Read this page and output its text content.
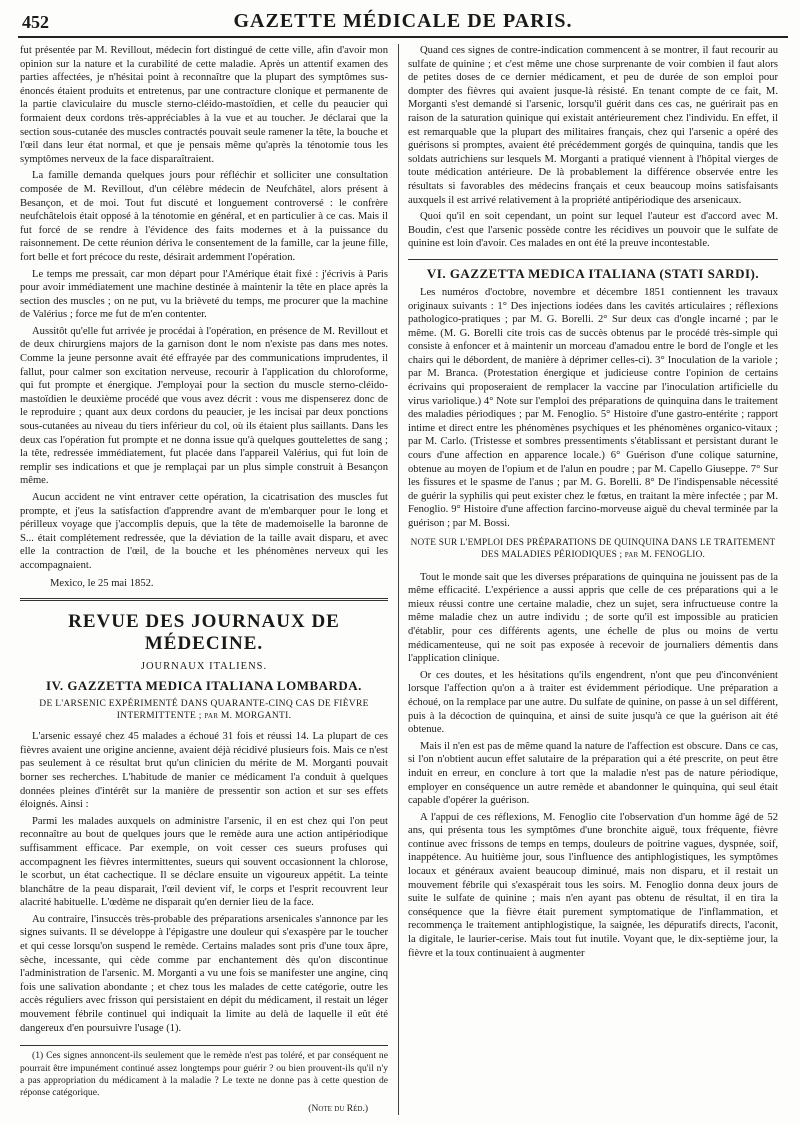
452	GAZETTE MÉDICALE DE PARIS.

fut présentée par M. Revillout, médecin fort distingué de cette ville, afin d'avoir mon opinion sur la nature et la curabilité de cette maladie. Après un attentif examen des parties affectées, je n'hésitai point à reconnaître que la plupart des symptômes sus-énoncés étaient produits et entretenus, par une contracture clonique et permanente de la partie claviculaire du muscle sterno-cléido-mastoïdien, et celle du peaucier qui formaient deux cordons très-appréciables à la vue et au toucher. Je déclarai que la section sous-cutanée des muscles contractés pouvait seule ramener la tête, la bouche et l'œil dans leur état normal, et que je pensais même qu'après la ténotomie tous les symptômes nerveux de la face disparaîtraient.

La famille demanda quelques jours pour réfléchir et solliciter une consultation composée de M. Revillout, d'un célèbre médecin de Neufchâtel, alors présent à Besançon, et de moi. Tout fut discuté et longuement controversé : le confrère neufchâtelois était opposé à la ténotomie en général, et en particulier à ce cas. Mais il fut forcé de se rendre à l'évidence des faits modernes et à la puissance du raisonnement. De cette réunion dériva le consentement de la famille, car la jeune fille, fort belle et fort précoce du reste, désirait ardemment l'opération.

Le temps me pressait, car mon départ pour l'Amérique était fixé : j'écrivis à Paris pour avoir immédiatement une machine destinée à maintenir la tête en place après la section des muscles ; on ne put, vu la brièveté du temps, me procurer que la machine de Valérius ; force me fut de m'en contenter.

Aussitôt qu'elle fut arrivée je procédai à l'opération, en présence de M. Revillout et de deux chirurgiens majors de la garnison dont le nom n'existe pas dans mes notes. Comme la jeune personne avait été effrayée par des communications imprudentes, il fallut, pour calmer son excitation nerveuse, recourir à l'application du chloroforme, qui fut prompte et énergique. J'employai pour la section du muscle sterno-cléido-mastoïdien le deuxième procédé que vous avez décrit : vous me dispenserez donc de le reproduire ; quant aux deux cordons du peaucier, je les incisai par deux ponctions sous-cutanées au niveau du tiers inférieur du col, où ils étaient plus saillants. Dans les deux cas l'opération fut prompte et ne donna issue qu'à quelques gouttelettes de sang ; la tête, redressée immédiatement, fut placée dans l'appareil Valérius, qui fut loin de remplir ses indications et que je remplaçai par un plus simple construit à Besançon même.

Aucun accident ne vint entraver cette opération, la cicatrisation des muscles fut prompte, et j'eus la satisfaction d'apprendre avant de m'embarquer pour le long et périlleux voyage que j'accomplis depuis, que la tête de mademoiselle la baronne de S... était complétement redressée, que la déviation de la taille avait disparu, et avec elle la contraction de l'œil, de la bouche et les phénomènes nerveux qui les accompagnaient.

Mexico, le 25 mai 1852.

REVUE DES JOURNAUX DE MÉDECINE.
JOURNAUX ITALIENS.
IV. GAZZETTA MEDICA ITALIANA LOMBARDA.
DE L'ARSENIC EXPÉRIMENTÉ DANS QUARANTE-CINQ CAS DE FIÈVRE INTERMITTENTE ; par M. MORGANTI.

L'arsenic essayé chez 45 malades a échoué 31 fois et réussi 14. La plupart de ces fièvres avaient une origine ancienne, avaient déjà récidivé plusieurs fois. Mais ce n'est pas seulement à ce résultat brut qu'un clinicien du mérite de M. Morganti pouvait borner ses recherches. L'habitude de manier ce médicament l'a conduit à quelques données pleines d'intérêt sur la manière de pressentir son action et sur ses effets éloignés. Ainsi :

Parmi les malades auxquels on administre l'arsenic, il en est chez qui l'on peut reconnaître au bout de quelques jours que le remède aura une action antipériodique suffisamment efficace. Par exemple, on voit cesser ces sueurs profuses qui accompagnent les fièvres intermittentes, sueurs qui souvent occasionnent la chlorose, le scorbut, un état cachectique. Il se déclare ensuite un vigoureux appétit. La teinte blanchâtre de la peau disparait, l'œil devient vif, le corps et l'esprit recouvrent leur alacrité habituelle. L'œdème ne disparait qu'en dernier lieu de la face.

Au contraire, l'insuccès très-probable des préparations arsenicales s'annonce par les signes suivants. Il se développe à l'épigastre une douleur qui s'exaspère par le toucher et qui cesse lorsqu'on suspend le remède. Certains malades sont pris d'une toux âpre, sèche, incessante, qui cède comme par enchantement dès qu'on discontinue l'administration de l'arsenic. M. Morganti a vu une fois se manifester une angine, cinq fois une salivation abondante ; et chez tous les malades de cette catégorie, outre les accès réguliers avec frisson qui persistaient en dépit du médicament, il restait un léger mouvement fébrile continuel qui indiquait la limite au delà de laquelle il eût été dangereux d'en poursuivre l'usage (1).

(1) Ces signes annoncent-ils seulement que le remède n'est pas toléré, et par conséquent ne pourrait être impunément continué assez longtemps pour guérir ? ou bien prouvent-ils qu'il n'y a pas appropriation du médicament à la maladie ? Le texte ne donne pas à cette question de réponse catégorique.

(Note du Réd.)

Quand ces signes de contre-indication commencent à se montrer, il faut recourir au sulfate de quinine ; et c'est même une chose surprenante de voir combien il faut alors de petites doses de ce dernier médicament, et peu de durée de son emploi pour dompter des fièvres qui avaient jusque-là résisté. En tenant compte de ce fait, M. Morganti s'est demandé si l'arsenic, lorsqu'il guérit dans ces cas, ne guérirait pas en raison de la saturation quinique qui existait antérieurement chez l'individu. En effet, il est remarquable que la plupart des militaires français, chez qui l'arsenic a opéré des guérisons si promptes, avaient été précédemment gorgés de quinquina, tandis que les soldats autrichiens sur lesquels M. Morganti a pratiqué viennent à l'hôpital vierges de toute médication antérieure. De là probablement la différence observée entre les résultats si favorables des médecins français et ceux beaucoup moins satisfaisants auxquels il est arrivé relativement à la propriété antipériodique des arsenicaux.

Quoi qu'il en soit cependant, un point sur lequel l'auteur est d'accord avec M. Boudin, c'est que l'arsenic possède contre les récidives un pouvoir que le sulfate de quinine est loin d'avoir. Ces malades en ont été la preuve incontestable.

VI. GAZZETTA MEDICA ITALIANA (STATI SARDI).

Les numéros d'octobre, novembre et décembre 1851 contiennent les travaux originaux suivants : 1° Des injections iodées dans les cavités articulaires ; réflexions pathologico-pratiques ; par M. G. Borelli. 2° Sur deux cas d'ongle incarné ; par le même. (M. G. Borelli cite trois cas de succès obtenus par le procédé très-simple qui consiste à enfoncer et à maintenir un morceau d'amadou entre le bord de l'ongle et les chairs qui le débordent, de manière à déprimer celles-ci). 3° Inoculation de la variole ; par M. Branca. (Protestation énergique et judicieuse contre l'opinion de certains écrivains qui proposeraient de remplacer la vaccine par l'inoculation artificielle du virus variolique.) 4° Note sur l'emploi des préparations de quinquina dans le traitement des maladies périodiques ; par M. Fenoglio. 5° Histoire d'une gastro-entérite ; rapport intime et direct entre les phénomènes psychiques et les phénomènes organico-vitaux ; par M. Carlo. (Tristesse et sombres pressentiments s'établissant et persistant durant le cours d'une affection en apparence locale.) 6° Guérison d'une colique saturnine, obtenue au moyen de l'opium et de l'alun en poudre ; par M. Capello Giuseppe. 7° Sur les fissures et le spasme de l'anus ; par M. G. Borelli. 8° De l'indispensable nécessité de guérir la syphilis qui peut exister chez le fœtus, en traitant la mère infectée ; par M. Fenoglio. 9° Histoire d'une affection farcino-morveuse aiguë du cheval terminée par la guérison ; par M. Bossi.

NOTE SUR L'EMPLOI DES PRÉPARATIONS DE QUINQUINA DANS LE TRAITEMENT DES MALADIES PÉRIODIQUES ; par M. FENOGLIO.

Tout le monde sait que les diverses préparations de quinquina ne jouissent pas de la même efficacité. L'expérience a aussi appris que celle de ces préparations qui a le mieux réussi contre une certaine maladie, chez un sujet, sera infructueuse contre la même maladie chez un autre individu ; de sorte qu'il est impossible au praticien d'établir, pour ces différents agents, une échelle de plus ou moins de vertu médicamenteuse, qui ne soit pas exposée à recevoir de journaliers démentis dans l'application clinique.

Or ces doutes, et les hésitations qu'ils engendrent, n'ont que peu d'inconvénient lorsque l'affection qu'on a à traiter est évidemment périodique. Une préparation a échoué, on la remplace par une autre. Du sulfate de quinine, on passe à un sel différent, puis à la décoction de quinquina, et ainsi de suite jusqu'à ce que la guérison ait été obtenue.

Mais il n'en est pas de même quand la nature de l'affection est obscure. Dans ce cas, si l'on n'obtient aucun effet salutaire de la préparation qui a été prescrite, on peut être induit en erreur, en conclure à tort que la maladie n'est pas de nature périodique, employer en conséquence un autre remède et abandonner le quinquina, qui seul était capable d'opérer la guérison.

A l'appui de ces réflexions, M. Fenoglio cite l'observation d'un homme âgé de 52 ans, qui présenta tous les symptômes d'une bronchite aiguë, toux fréquente, fièvre continue avec frissons de temps en temps, douleurs de poitrine vagues, dyspnée, soif, inappétence. Au huitième jour, sous l'influence des antiphlogistiques, les symptômes locaux et généraux avaient beaucoup diminué, mais non disparu, et il restait un mouvement fébrile qui s'exaspérait tous les soirs. M. Fenoglio donna deux jours de suite le sulfate de quinine ; mais n'en ayant pas obtenu de résultat, il en tira la conséquence que la fièvre était purement symptomatique de l'inflammation, et recommença le traitement antiphlogistique, la saignée, les dépuratifs directs, l'aconit, la digitale, le laurier-cerise. Mais tout fut inutile. Voyant que, le dix-septième jour, la fièvre et la toux continuaient à augmenter
